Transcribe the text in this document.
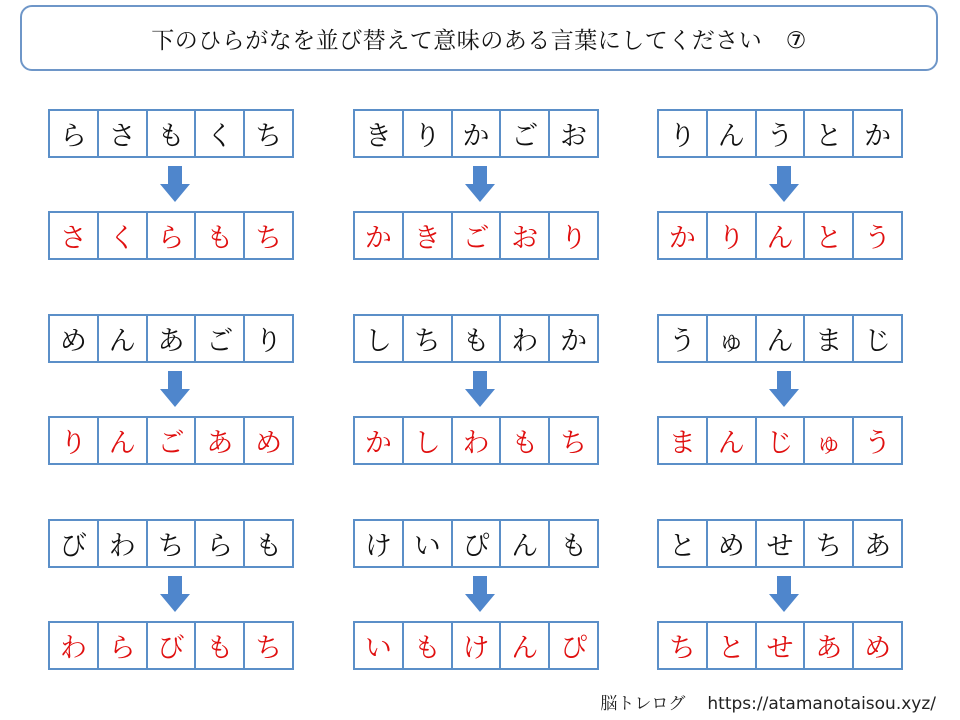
下のひらがなを並び替えて意味のある言葉にしてください　⑦
ら さ も く ち
さ く ら も ち
き り か ご お
か き ご お り
り ん う と か
か り ん と う
め ん あ ご り
り ん ご あ め
し ち も わ か
か し わ も ち
う ゅ ん ま じ
ま ん じ ゅ う
び わ ち ら も
わ ら び も ち
け い ぴ ん も
い も け ん ぴ
と め せ ち あ
ち と せ あ め
脳トレログ https://atamanotaisou.xyz/
